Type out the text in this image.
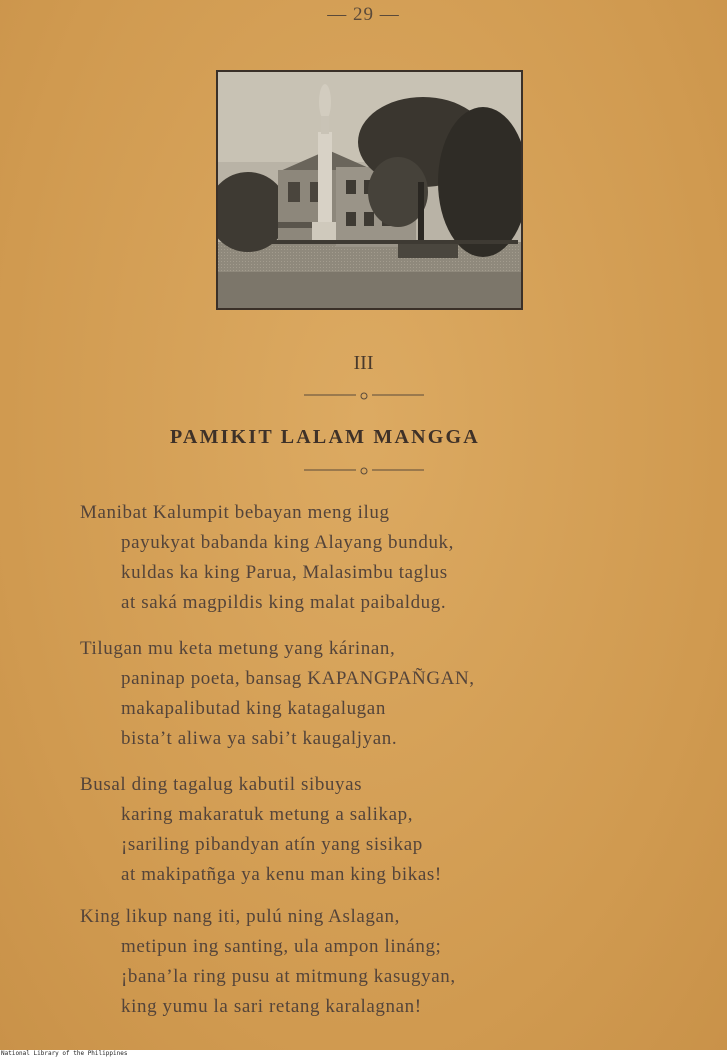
— 29 —
III
PAMIKIT LALAM MANGGA
Manibat Kalumpit bebayan meng ilug
payukyat babanda king Alayang bunduk,
kuldas ka king Parua, Malasimbu taglus
at saká magpildis king malat paibaldug.
Tilugan mu keta metung yang kárinan,
paninap poeta, bansag KAPANGPAÑGAN,
makapalibutad king katagalugan
bista’t aliwa ya sabi’t kaugaljyan.
Busal ding tagalug kabutil sibuyas
karing makaratuk metung a salikap,
¡sariling pibandyan atín yang sisikap
at makipatñga ya kenu man king bikas!
King likup nang iti, pulú ning Aslagan,
metipun ing santing, ula ampon lináng;
¡bana’la ring pusu at mitmung kasugyan,
king yumu la sari retang karalagnan!
National Library of the Philippines
